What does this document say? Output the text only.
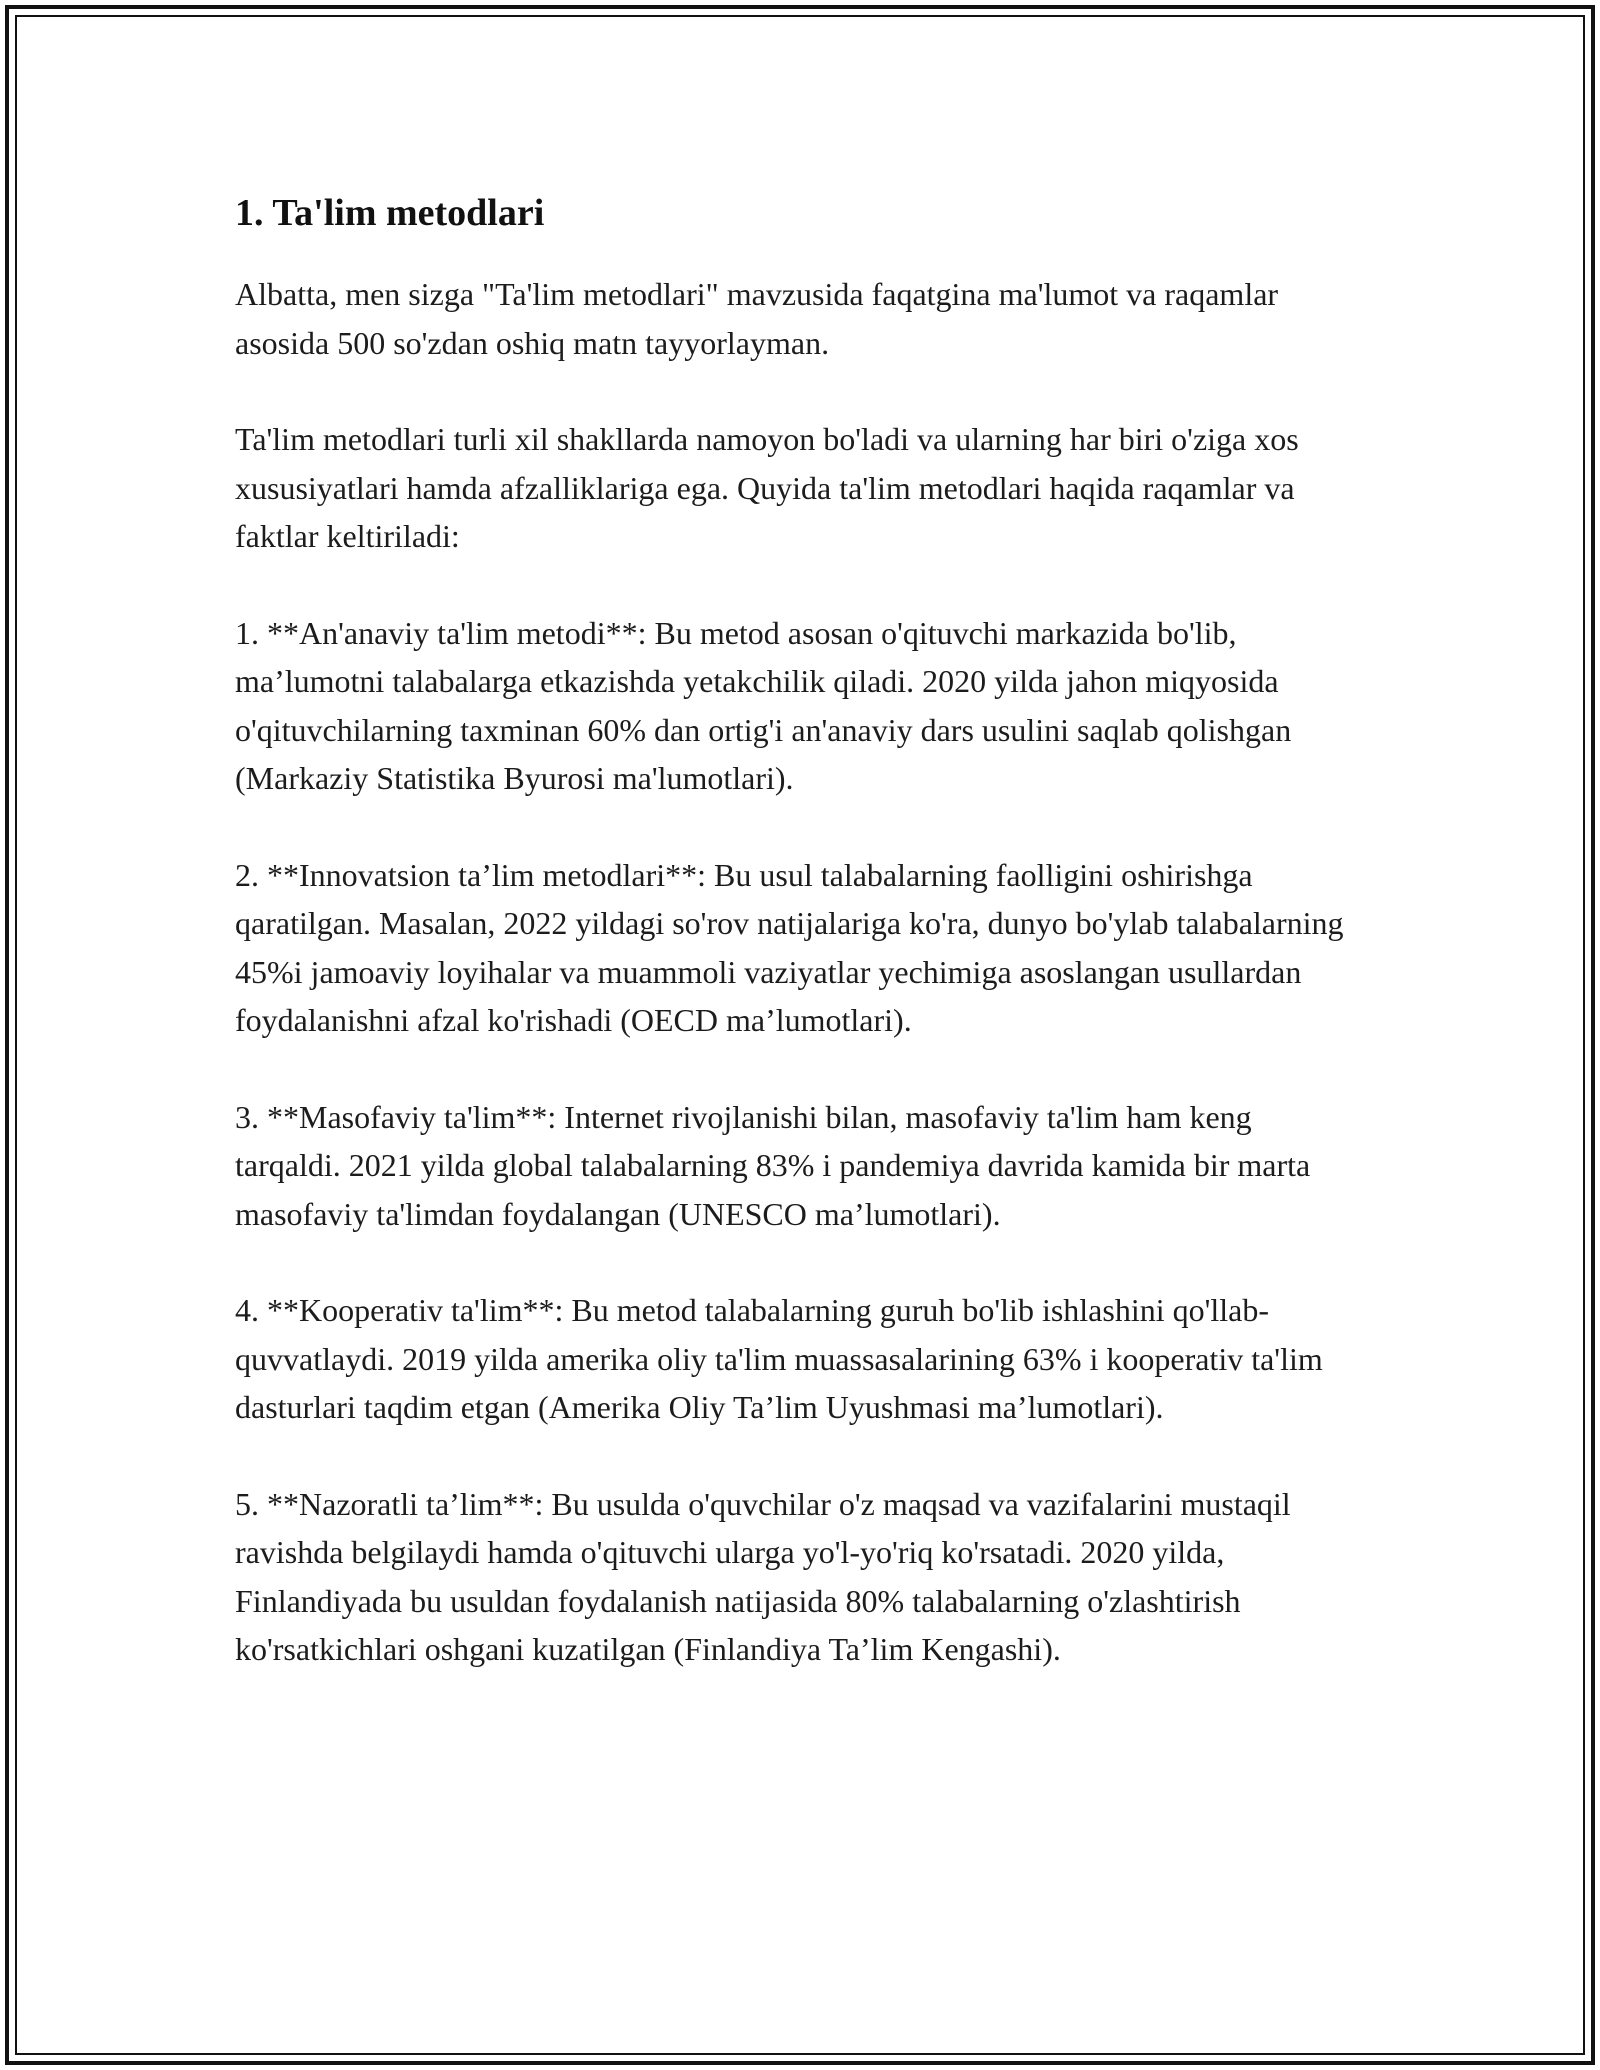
1. Ta'lim metodlari

Albatta, men sizga "Ta'lim metodlari" mavzusida faqatgina ma'lumot va raqamlar asosida 500 so'zdan oshiq matn tayyorlayman.

Ta'lim metodlari turli xil shakllarda namoyon bo'ladi va ularning har biri o'ziga xos xususiyatlari hamda afzalliklariga ega. Quyida ta'lim metodlari haqida raqamlar va faktlar keltiriladi:

1. **An'anaviy ta'lim metodi**: Bu metod asosan o'qituvchi markazida bo'lib, ma’lumotni talabalarga etkazishda yetakchilik qiladi. 2020 yilda jahon miqyosida o'qituvchilarning taxminan 60% dan ortig'i an'anaviy dars usulini saqlab qolishgan (Markaziy Statistika Byurosi ma'lumotlari).

2. **Innovatsion ta’lim metodlari**: Bu usul talabalarning faolligini oshirishga qaratilgan. Masalan, 2022 yildagi so'rov natijalariga ko'ra, dunyo bo'ylab talabalarning 45%i jamoaviy loyihalar va muammoli vaziyatlar yechimiga asoslangan usullardan foydalanishni afzal ko'rishadi (OECD ma’lumotlari).

3. **Masofaviy ta'lim**: Internet rivojlanishi bilan, masofaviy ta'lim ham keng tarqaldi. 2021 yilda global talabalarning 83% i pandemiya davrida kamida bir marta masofaviy ta'limdan foydalangan (UNESCO ma’lumotlari).

4. **Kooperativ ta'lim**: Bu metod talabalarning guruh bo'lib ishlashini qo'llab-quvvatlaydi. 2019 yilda amerika oliy ta'lim muassasalarining 63% i kooperativ ta'lim dasturlari taqdim etgan (Amerika Oliy Ta’lim Uyushmasi ma’lumotlari).

5. **Nazoratli ta’lim**: Bu usulda o'quvchilar o'z maqsad va vazifalarini mustaqil ravishda belgilaydi hamda o'qituvchi ularga yo'l-yo'riq ko'rsatadi. 2020 yilda, Finlandiyada bu usuldan foydalanish natijasida 80% talabalarning o'zlashtirish ko'rsatkichlari oshgani kuzatilgan (Finlandiya Ta’lim Kengashi).
